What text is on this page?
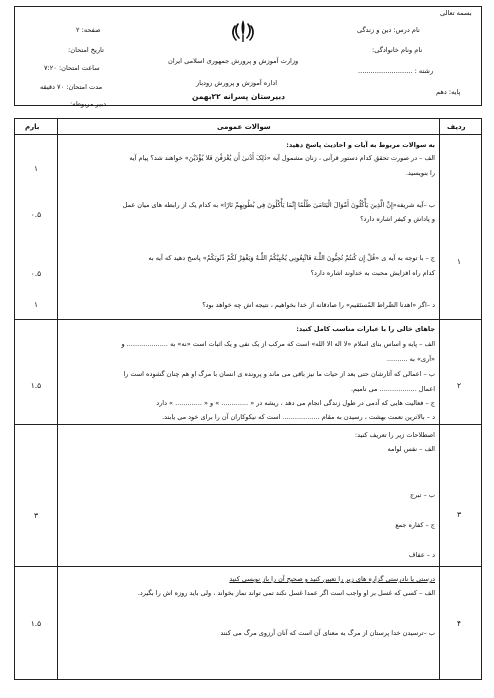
بسمه تعالی
نام درس: دین و زندگی
نام ونام خانوادگی:
رشته : ..........................
پایه: دهم
وزارت آموزش و پرورش جمهوری اسلامی ایران
اداره آموزش و پرورش رودبار
دبیرستان پسرانه ۲۲بهمن
صفحه: ۲
تاریخ امتحان:
ساعت امتحان: ۷:۲۰
مدت امتحان: ۷۰ دقیقه
دبیر مربوطه:
ردیف
سوالات عمومی
بارم
۱
به سوالات مربوط به آیات و احادیث پاسخ دهید:
الف – در صورت تحقق کدام دستور قرآنی ، زنان مشمول آیه «ذٰلِکَ أَدْنىٰ أَن يُعْرَفْنَ فَلا يُؤْذَيْنَ» خواهند شد؟ پیام آیه
را بنویسید.
ب –آیه شریفه«إِنَّ الَّذِينَ يَأْكُلُونَ أَمْوَالَ الْيَتَامَىٰ ظُلْمًا إِنَّمَا يَأْكُلُونَ فِي بُطُونِهِمْ نَارًا» به کدام یک از رابطه های میان عمل
و پاداش و کیفر اشاره دارد؟
ج – با توجه به آیه ی «قُلْ إِن كُنتُمْ تُحِبُّونَ اللَّـهَ فَاتَّبِعُونِي يُحْبِبْكُمُ اللَّـهُ وَيَغْفِرْ لَكُمْ ذُنُوبَكُمْ» پاسخ دهید که آیه به
کدام راه افزایش محبت به خداوند اشاره دارد؟
د –اگر «اهدنا الصِّراط المُستَقیم» را صادقانه از خدا بخواهیم ، نتیجه اش چه خواهد بود؟
۱
۰.۵
۰.۵
۱
۲
جاهای خالی را با عبارات مناسب کامل کنید:
الف – پایه و اساس بنای اسلام «لا اله الا الله» است که مرکب از یک نفی و یک اثبات است «نه» به .................... و
«آری» به ..........
ب – اعمالی که آثارشان حتی بعد از حیات ما نیز باقی می ماند و پرونده ی انسان با مرگ او هم چنان گشوده است را
اعمال .................. می نامیم.
ج – فعالیت هایی که آدمی در طول زندگی انجام می دهد ، ریشه در « ............. » و « ............. » دارد
د – بالاترین نعمت بهشت ، رسیدن به مقام .................. است که نیکوکاران آن را برای خود می یابند.
۱.۵
۳
اصطلاحات زیر را تعریف کنید:
الف – نفس لوامه
ب – تبرج
ج – کفاره جمع
د – عفاف
۳
۴
درستی یا نادرستی گزاره های زیر را تعیین کنید و صحیح آن را باز نویسی کنید
الف – کسی که غسل بر او واجب است اگر عمدا غسل نکند تمی تواند نماز بخواند ، ولی باید روزه اش را بگیرد.
ب –ترسیدن خدا پرستان از مرگ به معنای آن است که آنان آرزوی مرگ می کنند
۱.۵
